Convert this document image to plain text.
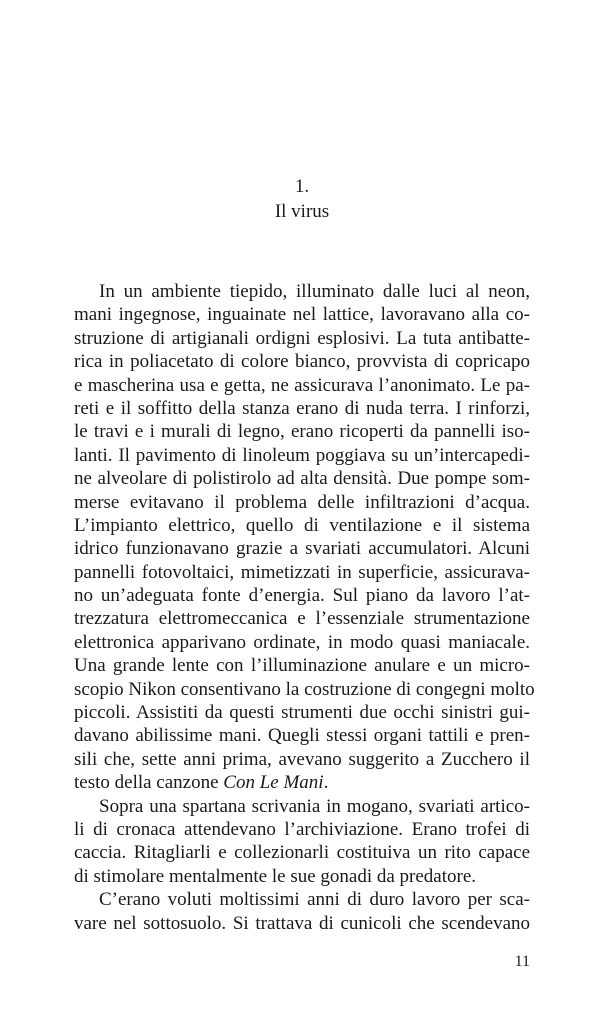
1.
Il virus
In un ambiente tiepido, illuminato dalle luci al neon,
mani ingegnose, inguainate nel lattice, lavoravano alla co-
struzione di artigianali ordigni esplosivi. La tuta antibatte-
rica in poliacetato di colore bianco, provvista di copricapo
e mascherina usa e getta, ne assicurava l’anonimato. Le pa-
reti e il soffitto della stanza erano di nuda terra. I rinforzi,
le travi e i murali di legno, erano ricoperti da pannelli iso-
lanti. Il pavimento di linoleum poggiava su un’intercapedi-
ne alveolare di polistirolo ad alta densità. Due pompe som-
merse evitavano il problema delle infiltrazioni d’acqua.
L’impianto elettrico, quello di ventilazione e il sistema
idrico funzionavano grazie a svariati accumulatori. Alcuni
pannelli fotovoltaici, mimetizzati in superficie, assicurava-
no un’adeguata fonte d’energia. Sul piano da lavoro l’at-
trezzatura elettromeccanica e l’essenziale strumentazione
elettronica apparivano ordinate, in modo quasi maniacale.
Una grande lente con l’illuminazione anulare e un micro-
scopio Nikon consentivano la costruzione di congegni molto
piccoli. Assistiti da questi strumenti due occhi sinistri gui-
davano abilissime mani. Quegli stessi organi tattili e pren-
sili che, sette anni prima, avevano suggerito a Zucchero il
testo della canzone Con Le Mani.
Sopra una spartana scrivania in mogano, svariati artico-
li di cronaca attendevano l’archiviazione. Erano trofei di
caccia. Ritagliarli e collezionarli costituiva un rito capace
di stimolare mentalmente le sue gonadi da predatore.
C’erano voluti moltissimi anni di duro lavoro per sca-
vare nel sottosuolo. Si trattava di cunicoli che scendevano
11
